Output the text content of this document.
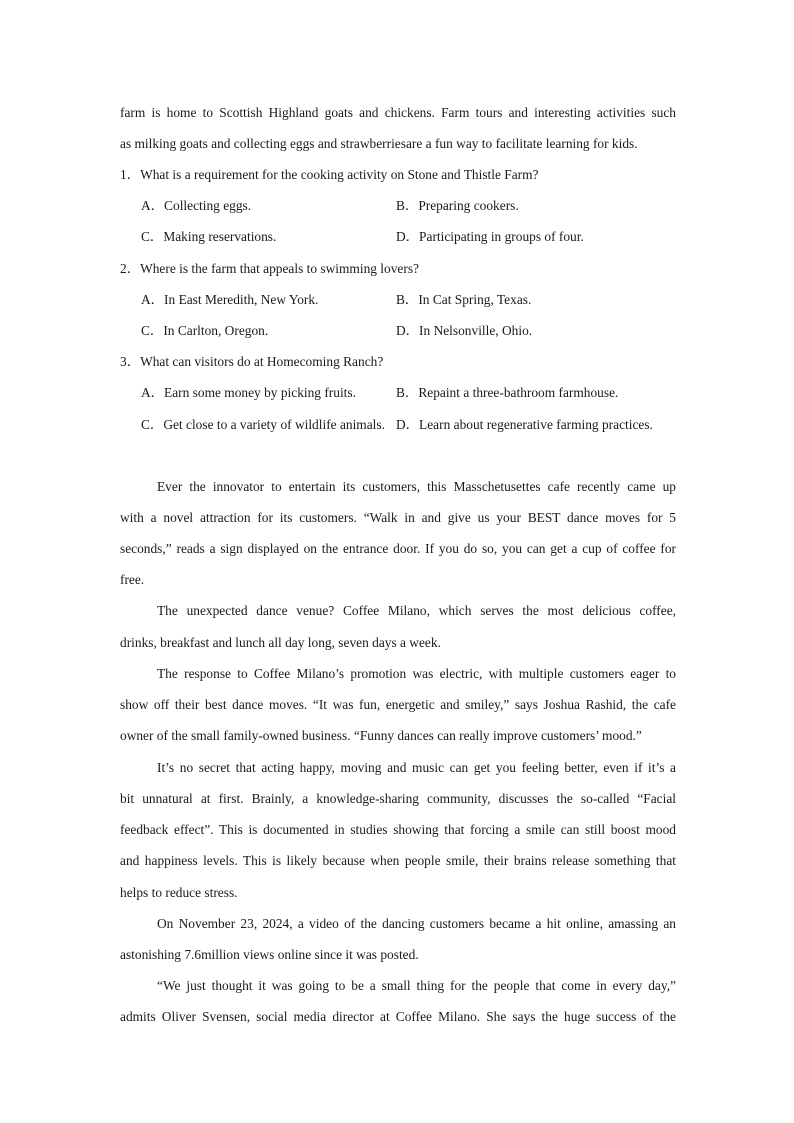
farm is home to Scottish Highland goats and chickens. Farm tours and interesting activities such
as milking goats and collecting eggs and strawberriesare a fun way to facilitate learning for kids.
1．What is a requirement for the cooking activity on Stone and Thistle Farm?
A．Collecting eggs.	B．Preparing cookers.
C．Making reservations.	D．Participating in groups of four.
2．Where is the farm that appeals to swimming lovers?
A．In East Meredith, New York.	B．In Cat Spring, Texas.
C．In Carlton, Oregon.	D．In Nelsonville, Ohio.
3．What can visitors do at Homecoming Ranch?
A．Earn some money by picking fruits.	B．Repaint a three-bathroom farmhouse.
C．Get close to a variety of wildlife animals. D．Learn about regenerative farming practices.
Ever the innovator to entertain its customers, this Masschetusettes cafe recently came up
with a novel attraction for its customers. “Walk in and give us your BEST dance moves for 5
seconds,” reads a sign displayed on the entrance door. If you do so, you can get a cup of coffee for
free.
The unexpected dance venue? Coffee Milano, which serves the most delicious coffee,
drinks, breakfast and lunch all day long, seven days a week.
The response to Coffee Milano’s promotion was electric, with multiple customers eager to
show off their best dance moves. “It was fun, energetic and smiley,” says Joshua Rashid, the cafe
owner of the small family-owned business. “Funny dances can really improve customers’ mood.”
It’s no secret that acting happy, moving and music can get you feeling better, even if it’s a
bit unnatural at first. Brainly, a knowledge-sharing community, discusses the so-called “Facial
feedback effect”. This is documented in studies showing that forcing a smile can still boost mood
and happiness levels. This is likely because when people smile, their brains release something that
helps to reduce stress.
On November 23, 2024, a video of the dancing customers became a hit online, amassing an
astonishing 7.6million views online since it was posted.
“We just thought it was going to be a small thing for the people that come in every day,”
admits Oliver Svensen, social media director at Coffee Milano. She says the huge success of the
